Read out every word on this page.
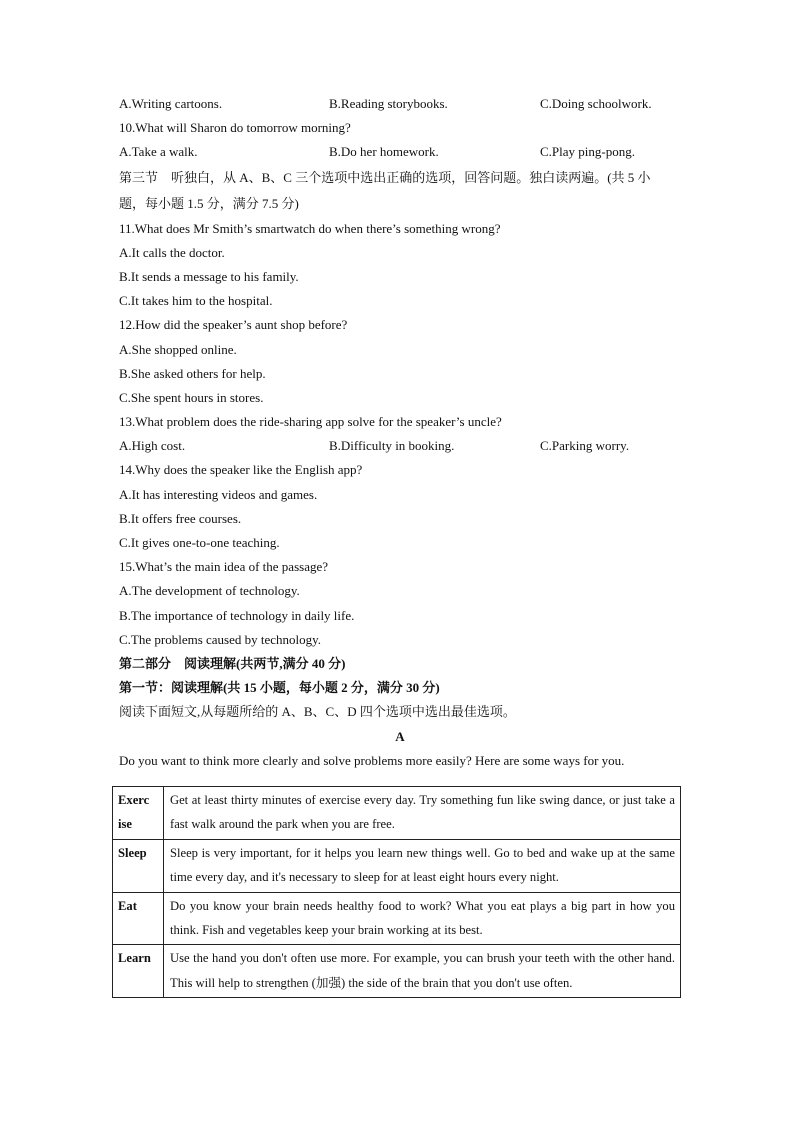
A.Writing cartoons.	B.Reading storybooks.	C.Doing schoolwork.
10.What will Sharon do tomorrow morning?
A.Take a walk.	B.Do her homework.	C.Play ping-pong.
第三节　听独白，从 A、B、C 三个选项中选出正确的选项，回答问题。独白读两遍。(共 5 小题，每小题 1.5 分，满分 7.5 分)
11.What does Mr Smith’s smartwatch do when there’s something wrong?
A.It calls the doctor.
B.It sends a message to his family.
C.It takes him to the hospital.
12.How did the speaker’s aunt shop before?
A.She shopped online.
B.She asked others for help.
C.She spent hours in stores.
13.What problem does the ride-sharing app solve for the speaker’s uncle?
A.High cost.	B.Difficulty in booking.	C.Parking worry.
14.Why does the speaker like the English app?
A.It has interesting videos and games.
B.It offers free courses.
C.It gives one-to-one teaching.
15.What’s the main idea of the passage?
A.The development of technology.
B.The importance of technology in daily life.
C.The problems caused by technology.
第二部分　阅读理解(共两节,满分 40 分)
第一节：阅读理解(共 15 小题，每小题 2 分，满分 30 分)
阅读下面短文,从每题所给的 A、B、C、D 四个选项中选出最佳选项。
A
Do you want to think more clearly and solve problems more easily? Here are some ways for you.
Exerc ise	Get at least thirty minutes of exercise every day. Try something fun like swing dance, or just take a fast walk around the park when you are free.
Sleep	Sleep is very important, for it helps you learn new things well. Go to bed and wake up at the same time every day, and it's necessary to sleep for at least eight hours every night.
Eat	Do you know your brain needs healthy food to work? What you eat plays a big part in how you think. Fish and vegetables keep your brain working at its best.
Learn	Use the hand you don't often use more. For example, you can brush your teeth with the other hand. This will help to strengthen (加强) the side of the brain that you don't use often.
